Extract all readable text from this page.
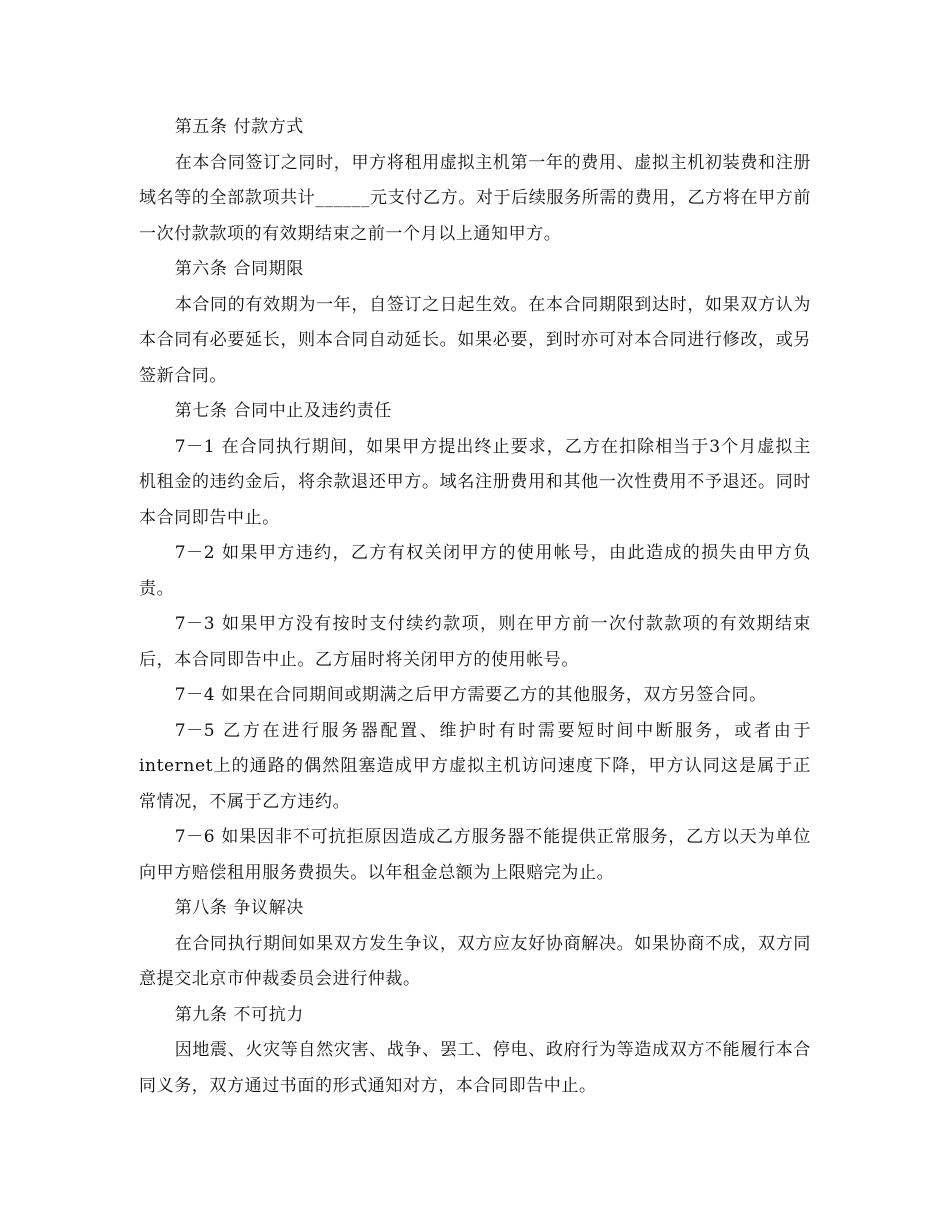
第五条 付款方式

在本合同签订之同时，甲方将租用虚拟主机第一年的费用、虚拟主机初装费和注册域名等的全部款项共计______元支付乙方。对于后续服务所需的费用，乙方将在甲方前一次付款款项的有效期结束之前一个月以上通知甲方。

第六条 合同期限

本合同的有效期为一年，自签订之日起生效。在本合同期限到达时，如果双方认为本合同有必要延长，则本合同自动延长。如果必要，到时亦可对本合同进行修改，或另签新合同。

第七条 合同中止及违约责任

7－1 在合同执行期间，如果甲方提出终止要求，乙方在扣除相当于3个月虚拟主机租金的违约金后，将余款退还甲方。域名注册费用和其他一次性费用不予退还。同时本合同即告中止。

7－2 如果甲方违约，乙方有权关闭甲方的使用帐号，由此造成的损失由甲方负责。

7－3 如果甲方没有按时支付续约款项，则在甲方前一次付款款项的有效期结束后，本合同即告中止。乙方届时将关闭甲方的使用帐号。

7－4 如果在合同期间或期满之后甲方需要乙方的其他服务，双方另签合同。

7－5 乙方在进行服务器配置、维护时有时需要短时间中断服务，或者由于internet上的通路的偶然阻塞造成甲方虚拟主机访问速度下降，甲方认同这是属于正常情况，不属于乙方违约。

7－6 如果因非不可抗拒原因造成乙方服务器不能提供正常服务，乙方以天为单位向甲方赔偿租用服务费损失。以年租金总额为上限赔完为止。

第八条 争议解决

在合同执行期间如果双方发生争议，双方应友好协商解决。如果协商不成，双方同意提交北京市仲裁委员会进行仲裁。

第九条 不可抗力

因地震、火灾等自然灾害、战争、罢工、停电、政府行为等造成双方不能履行本合同义务，双方通过书面的形式通知对方，本合同即告中止。
